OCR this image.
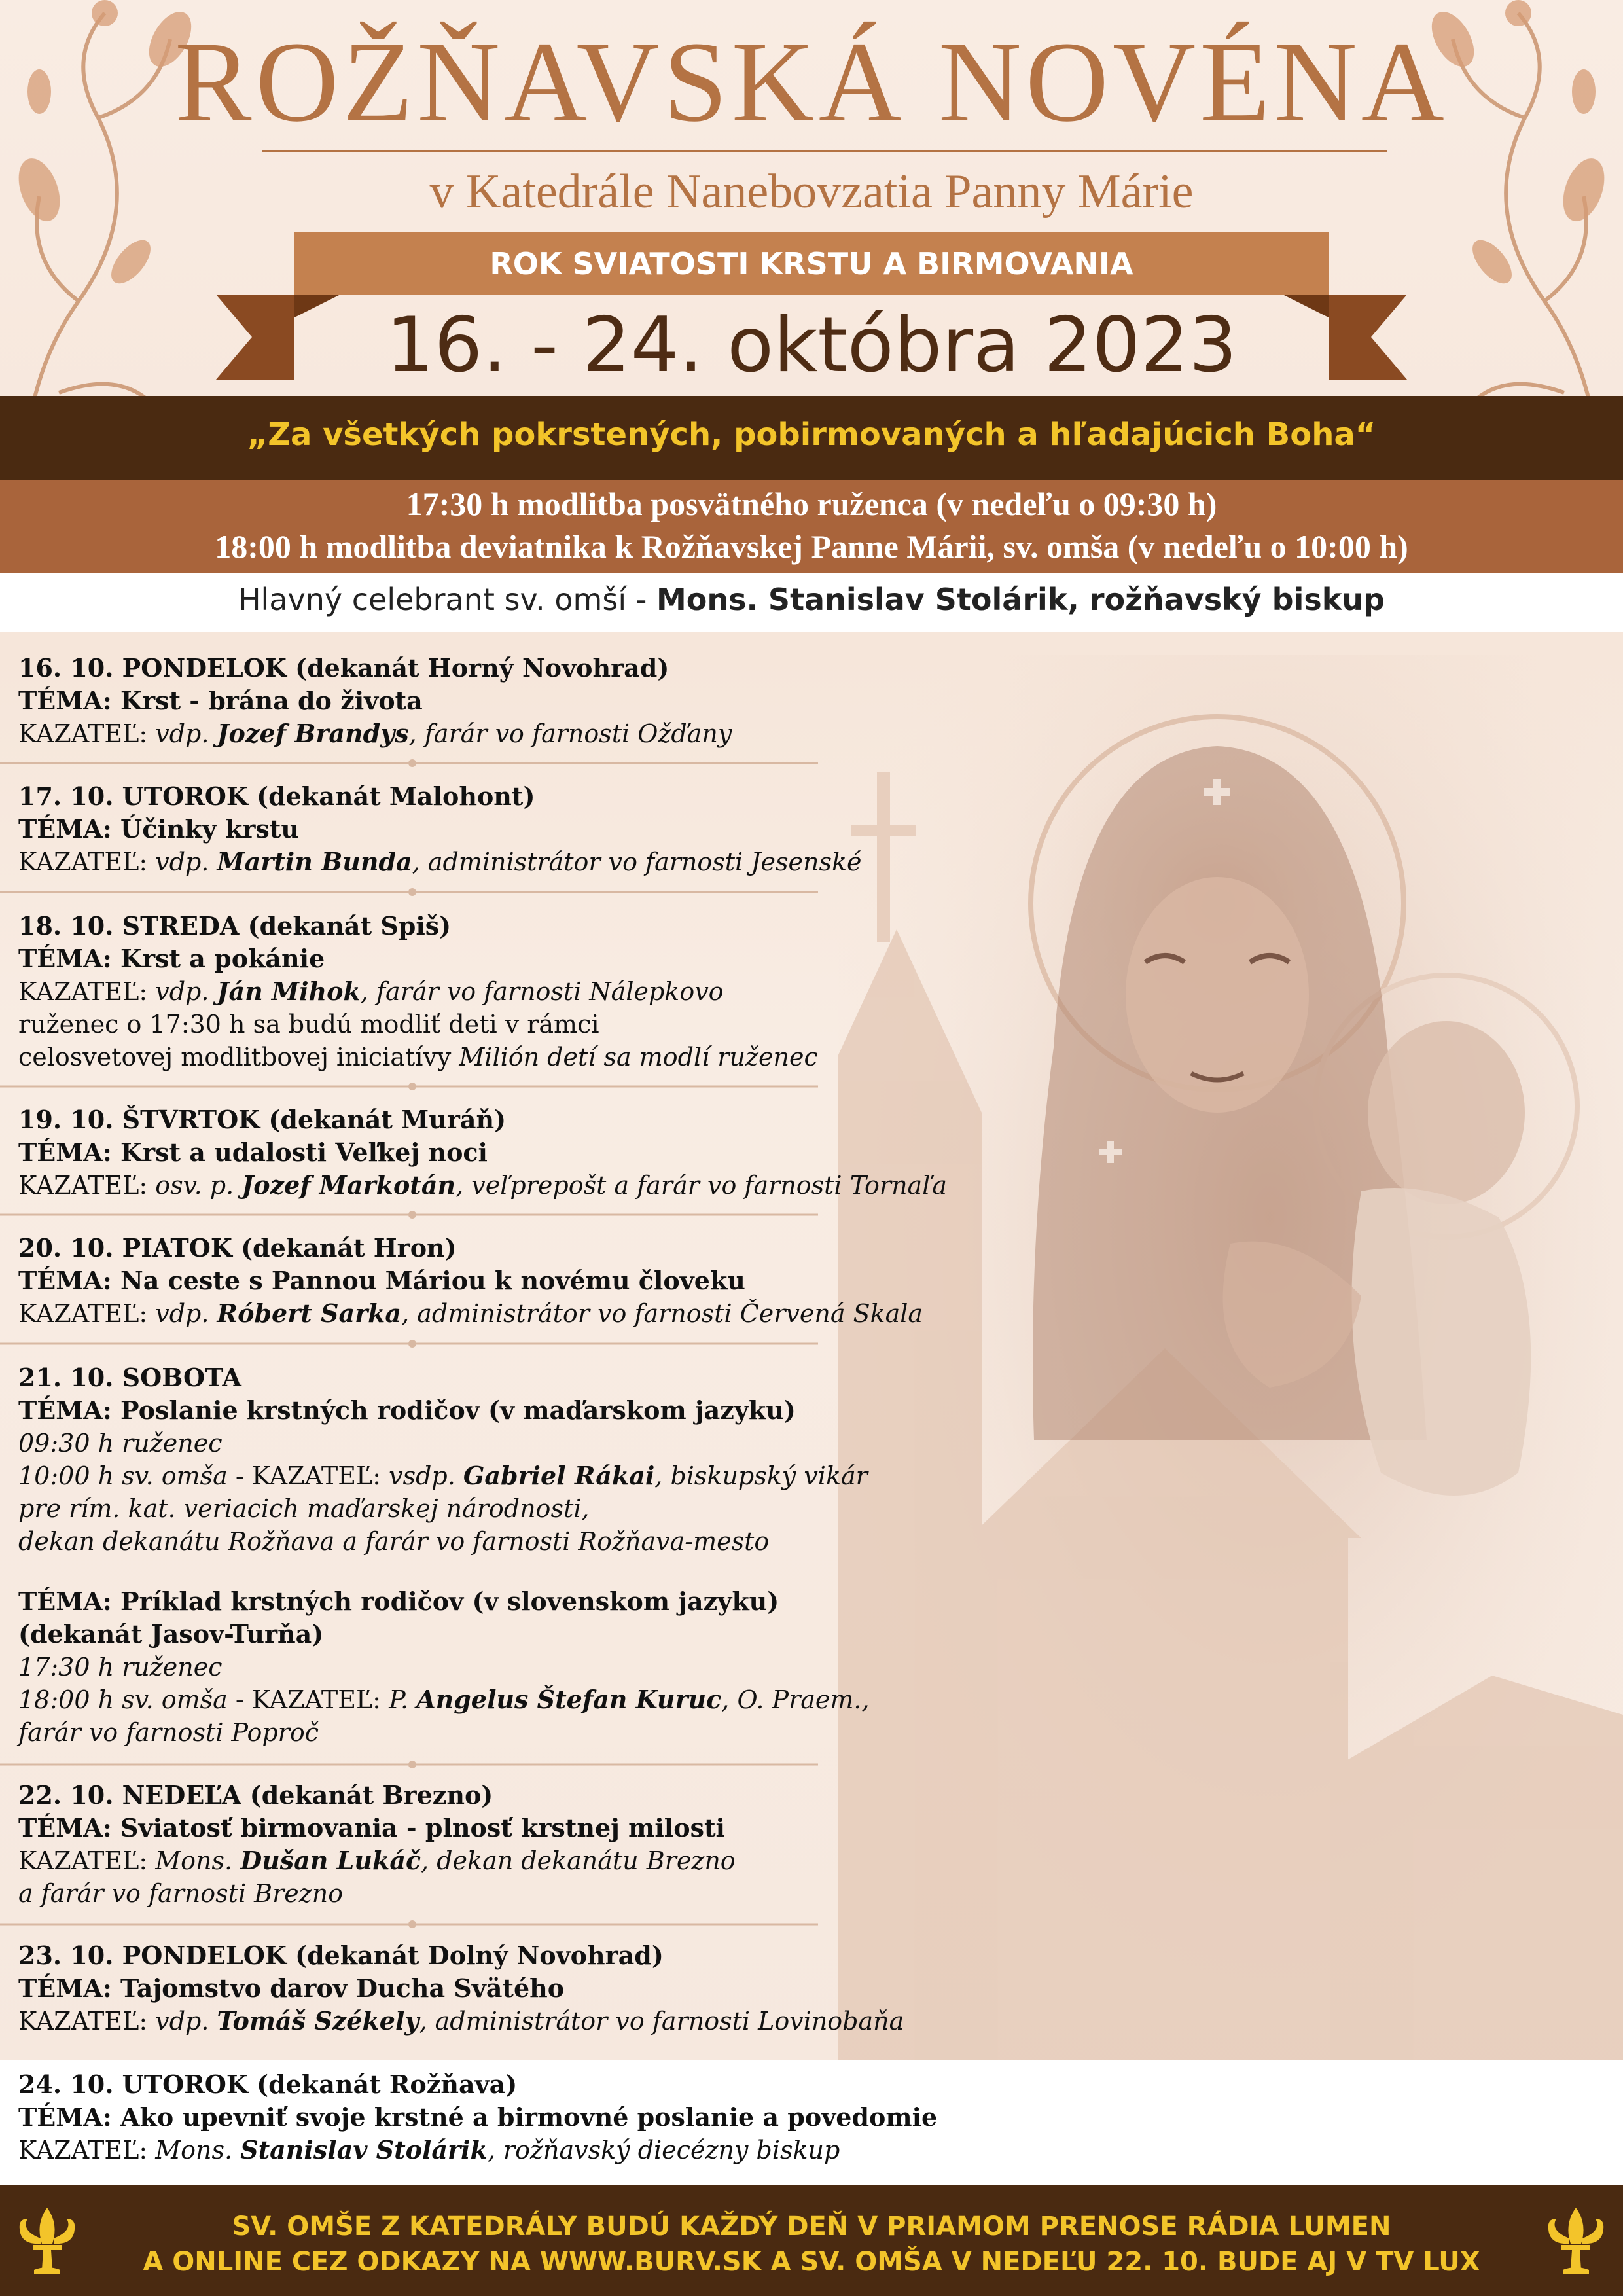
ROŽŇAVSKÁ NOVÉNA
v Katedrále Nanebovzatia Panny Márie
ROK SVIATOSTI KRSTU A BIRMOVANIA
16. - 24. októbra 2023
„Za všetkých pokrstených, pobirmovaných a hľadajúcich Boha“
17:30 h modlitba posvätného ruženca (v nedeľu o 09:30 h)
18:00 h modlitba deviatnika k Rožňavskej Panne Márii, sv. omša (v nedeľu o 10:00 h)
Hlavný celebrant sv. omší - Mons. Stanislav Stolárik, rožňavský biskup
16. 10. PONDELOK (dekanát Horný Novohrad)
TÉMA: Krst - brána do života
KAZATEĽ: vdp. Jozef Brandys, farár vo farnosti Ožďany
17. 10. UTOROK (dekanát Malohont)
TÉMA: Účinky krstu
KAZATEĽ: vdp. Martin Bunda, administrátor vo farnosti Jesenské
18. 10. STREDA (dekanát Spiš)
TÉMA: Krst a pokánie
KAZATEĽ: vdp. Ján Mihok, farár vo farnosti Nálepkovo
ruženec o 17:30 h sa budú modliť deti v rámci
celosvetovej modlitbovej iniciatívy Milión detí sa modlí ruženec
19. 10. ŠTVRTOK (dekanát Muráň)
TÉMA: Krst a udalosti Veľkej noci
KAZATEĽ: osv. p. Jozef Markotán, veľprepošt a farár vo farnosti Tornaľa
20. 10. PIATOK (dekanát Hron)
TÉMA: Na ceste s Pannou Máriou k novému človeku
KAZATEĽ: vdp. Róbert Sarka, administrátor vo farnosti Červená Skala
21. 10. SOBOTA
TÉMA: Poslanie krstných rodičov (v maďarskom jazyku)
09:30 h ruženec
10:00 h sv. omša - KAZATEĽ: vsdp. Gabriel Rákai, biskupský vikár
pre rím. kat. veriacich maďarskej národnosti,
dekan dekanátu Rožňava a farár vo farnosti Rožňava-mesto
TÉMA: Príklad krstných rodičov (v slovenskom jazyku)
(dekanát Jasov-Turňa)
17:30 h ruženec
18:00 h sv. omša - KAZATEĽ: P. Angelus Štefan Kuruc, O. Praem.,
farár vo farnosti Poproč
22. 10. NEDEĽA (dekanát Brezno)
TÉMA: Sviatosť birmovania - plnosť krstnej milosti
KAZATEĽ: Mons. Dušan Lukáč, dekan dekanátu Brezno
a farár vo farnosti Brezno
23. 10. PONDELOK (dekanát Dolný Novohrad)
TÉMA: Tajomstvo darov Ducha Svätého
KAZATEĽ: vdp. Tomáš Székely, administrátor vo farnosti Lovinobaňa
24. 10. UTOROK (dekanát Rožňava)
TÉMA: Ako upevniť svoje krstné a birmovné poslanie a povedomie
KAZATEĽ: Mons. Stanislav Stolárik, rožňavský diecézny biskup
SV. OMŠE Z KATEDRÁLY BUDÚ KAŽDÝ DEŇ V PRIAMOM PRENOSE RÁDIA LUMEN
A ONLINE CEZ ODKAZY NA WWW.BURV.SK A SV. OMŠA V NEDEĽU 22. 10. BUDE AJ V TV LUX
